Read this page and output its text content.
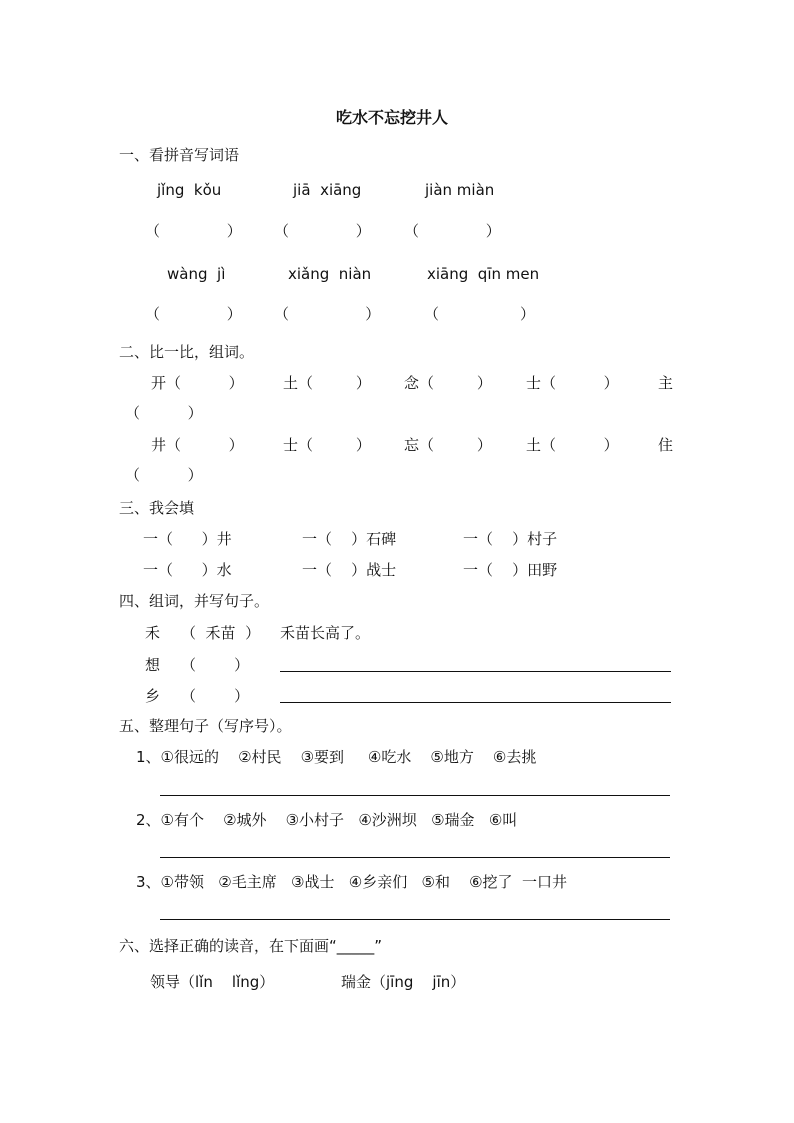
吃水不忘挖井人
一、看拼音写词语
jǐng  kǒu	jiā  xiāng	jiàn miàn
（              ） （              ） （              ）
wàng  jì	xiǎng  niàn	xiāng  qīn men
（              ） （                ）	（                 ）
二、比一比，组词。
开（          ）	土（         ） 念（         ） 士（          ）	主
（          ）
井（          ）	士（         ） 忘（         ） 土（          ）	住
（          ）
三、我会填
一（      ）井	一（    ）石碑	一（    ）村子
一（      ）水	一（    ）战士	一（    ）田野
四、组词，并写句子。
禾 （  禾苗  ） 禾苗长高了。
想 （        ）
乡 （        ）
五、整理句子（写序号）。
1、①很远的    ②村民    ③要到     ④吃水    ⑤地方    ⑥去挑
2、①有个    ②城外    ③小村子   ④沙洲坝   ⑤瑞金   ⑥叫
3、①带领   ②毛主席   ③战士   ④乡亲们   ⑤和    ⑥挖了  一口井
六、选择正确的读音，在下面画“_____”
领导（lǐn    lǐng）	瑞金（jīng    jīn）
